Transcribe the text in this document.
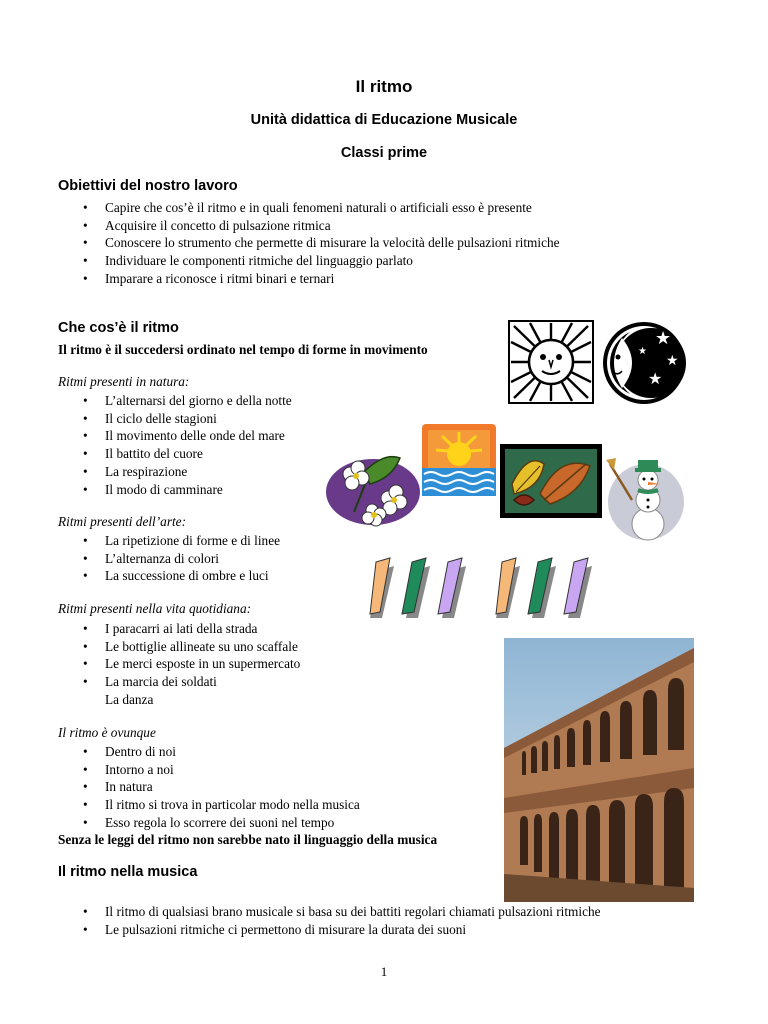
Il ritmo
Unità didattica di Educazione Musicale
Classi prime
Obiettivi del nostro lavoro
• Capire che cos’è il ritmo e in quali fenomeni naturali o artificiali esso è presente
• Acquisire il concetto di pulsazione ritmica
• Conoscere lo strumento che permette di misurare la velocità delle pulsazioni ritmiche
• Individuare le componenti ritmiche del linguaggio parlato
• Imparare a riconosce i ritmi binari e ternari
Che cos’è il ritmo
Il ritmo è il succedersi ordinato nel tempo di forme in movimento
Ritmi presenti in natura:
• L’alternarsi del giorno e della notte
• Il ciclo delle stagioni
• Il movimento delle onde del mare
• Il battito del cuore
• La respirazione
• Il modo di camminare
Ritmi presenti dell’arte:
• La ripetizione di forme e di linee
• L’alternanza di colori
• La successione di ombre e luci
Ritmi presenti nella vita quotidiana:
• I paracarri ai lati della strada
• Le bottiglie allineate su uno scaffale
• Le merci esposte in un supermercato
• La marcia dei soldati
La danza
Il ritmo è ovunque
• Dentro di noi
• Intorno a noi
• In natura
• Il ritmo si trova in particolar modo nella musica
• Esso regola lo scorrere dei suoni nel tempo
Senza le leggi del ritmo non sarebbe nato il linguaggio della musica
Il ritmo nella musica
• Il ritmo di qualsiasi brano musicale si basa su dei battiti regolari chiamati pulsazioni ritmiche
• Le pulsazioni ritmiche ci permettono di misurare la durata dei suoni
1
★
★
★
★
